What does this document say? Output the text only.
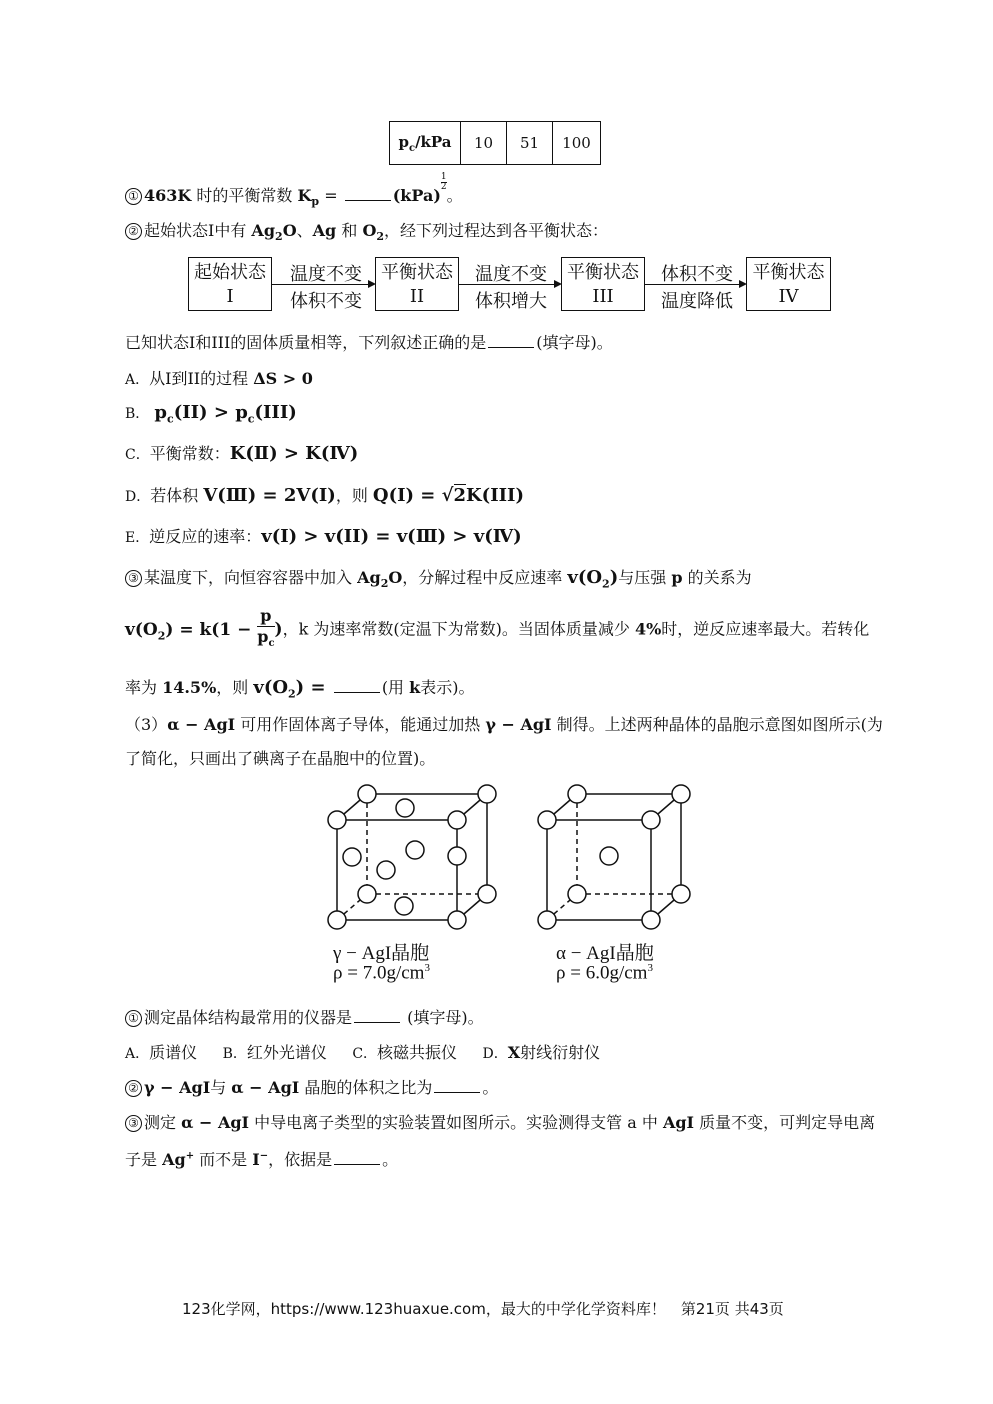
$p_c$/kPa	10	51	100
① 463K 时的平衡常数 $K_p$ =	(kPa)
$^{\frac{1}{2}}$
。
② 起始状态I中有 $Ag_2O$、Ag 和 $O_2$，经下列过程达到各平衡状态：
起始状态
I
温度不变
体积不变
平衡状态
II
温度不变
体积增大
平衡状态
III
体积不变
温度降低
平衡状态
IV
已知状态I和III的固体质量相等，下列叙述正确的是	(填字母)。
A．从I到II的过程 ΔS > 0
B． $p_c(II) > p_c(III)$
C．平衡常数：K(Ⅱ) > K(Ⅳ)
D．若体积 V(Ⅲ) = 2V(I)，则 Q(I) = √2K(III)
E．逆反应的速率：v(I) > v(II) = v(Ⅲ) > v(Ⅳ)
③ 某温度下，向恒容容器中加入 $Ag_2O$，分解过程中反应速率 $v(O_2)$与压强 p 的关系为
$v(O_2) = k(1 - \frac{p}{p_c}$ )，k 为速率常数(定温下为常数)。当固体质量减少 4%时，逆反应速率最大。若转化
率为 14.5%，则 $v(O_2)$ =	(用 k表示)。
（3）α − AgI 可用作固体离子导体，能通过加热 γ − AgI 制得。上述两种晶体的晶胞示意图如图所示(为
了简化，只画出了碘离子在晶胞中的位置)。
γ − AgI晶胞
$\rho = 7.0g/cm^3$
α − AgI晶胞
$\rho = 6.0g/cm^3$
① 测定晶体结构最常用的仪器是	(填字母)。
A．质谱仪 B．红外光谱仪 C．核磁共振仪 D．X射线衍射仪
② γ − AgI与 α − AgI 晶胞的体积之比为	。
③ 测定 α − AgI 中导电离子类型的实验装置如图所示。实验测得支管 a 中 AgI 质量不变，可判定导电离
子是 Ag+ 而不是 I−，依据是	。
123化学网，https://www.123huaxue.com，最大的中学化学资料库！　第21页 共43页
